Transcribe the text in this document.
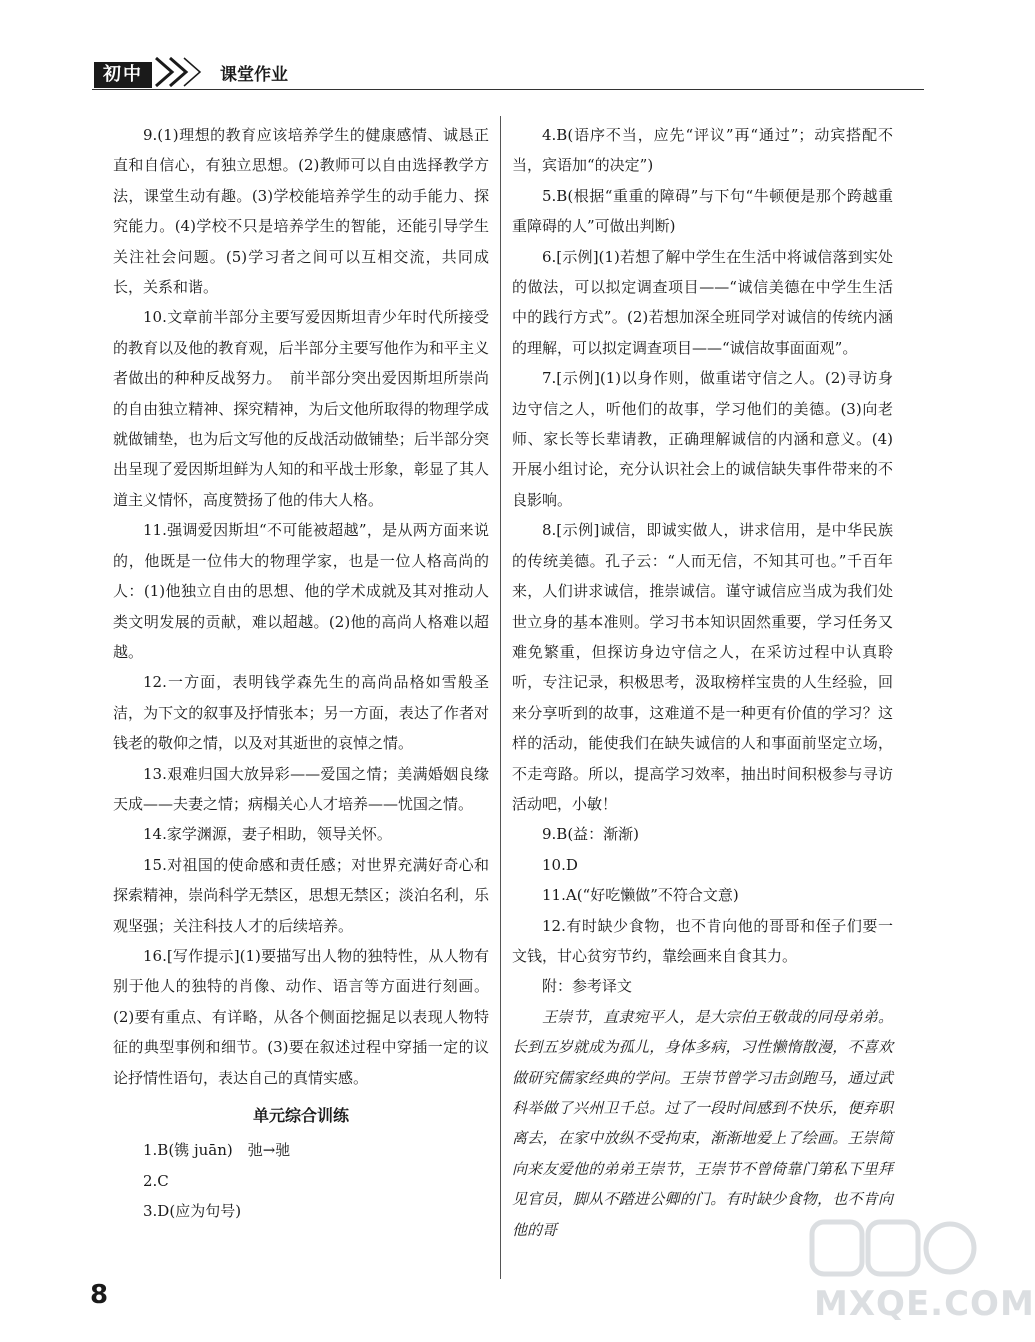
初中	课堂作业

9.(1)理想的教育应该培养学生的健康感情、诚恳正直和自信心，有独立思想。(2)教师可以自由选择教学方法，课堂生动有趣。(3)学校能培养学生的动手能力、探究能力。(4)学校不只是培养学生的智能，还能引导学生关注社会问题。(5)学习者之间可以互相交流，共同成长，关系和谐。

10.文章前半部分主要写爱因斯坦青少年时代所接受的教育以及他的教育观，后半部分主要写他作为和平主义者做出的种种反战努力。　前半部分突出爱因斯坦所崇尚的自由独立精神、探究精神，为后文他所取得的物理学成就做铺垫，也为后文写他的反战活动做铺垫；后半部分突出呈现了爱因斯坦鲜为人知的和平战士形象，彰显了其人道主义情怀，高度赞扬了他的伟大人格。

11.强调爱因斯坦“不可能被超越”，是从两方面来说的，他既是一位伟大的物理学家，也是一位人格高尚的人：(1)他独立自由的思想、他的学术成就及其对推动人类文明发展的贡献，难以超越。(2)他的高尚人格难以超越。

12.一方面，表明钱学森先生的高尚品格如雪般圣洁，为下文的叙事及抒情张本；另一方面，表达了作者对钱老的敬仰之情，以及对其逝世的哀悼之情。

13.艰难归国大放异彩——爱国之情；美满婚姻良缘天成——夫妻之情；病榻关心人才培养——忧国之情。

14.家学渊源，妻子相助，领导关怀。

15.对祖国的使命感和责任感；对世界充满好奇心和探索精神，崇尚科学无禁区，思想无禁区；淡泊名利，乐观坚强；关注科技人才的后续培养。

16.[写作提示](1)要描写出人物的独特性，从人物有别于他人的独特的肖像、动作、语言等方面进行刻画。(2)要有重点、有详略，从各个侧面挖掘足以表现人物特征的典型事例和细节。(3)要在叙述过程中穿插一定的议论抒情性语句，表达自己的真情实感。

单元综合训练

1.B(镌 juān)　弛→驰

2.C

3.D(应为句号)

4.B(语序不当，应先“评议”再“通过”；动宾搭配不当，宾语加“的决定”)

5.B(根据“重重的障碍”与下句“牛顿便是那个跨越重重障碍的人”可做出判断)

6.[示例](1)若想了解中学生在生活中将诚信落到实处的做法，可以拟定调查项目——“诚信美德在中学生生活中的践行方式”。(2)若想加深全班同学对诚信的传统内涵的理解，可以拟定调查项目——“诚信故事面面观”。

7.[示例](1)以身作则，做重诺守信之人。(2)寻访身边守信之人，听他们的故事，学习他们的美德。(3)向老师、家长等长辈请教，正确理解诚信的内涵和意义。(4)开展小组讨论，充分认识社会上的诚信缺失事件带来的不良影响。

8.[示例]诚信，即诚实做人，讲求信用，是中华民族的传统美德。孔子云：“人而无信，不知其可也。”千百年来，人们讲求诚信，推崇诚信。谨守诚信应当成为我们处世立身的基本准则。学习书本知识固然重要，学习任务又难免繁重，但探访身边守信之人，在采访过程中认真聆听，专注记录，积极思考，汲取榜样宝贵的人生经验，回来分享听到的故事，这难道不是一种更有价值的学习？这样的活动，能使我们在缺失诚信的人和事面前坚定立场，不走弯路。所以，提高学习效率，抽出时间积极参与寻访活动吧，小敏！

9.B(益：渐渐)

10.D

11.A(“好吃懒做”不符合文意)

12.有时缺少食物，也不肯向他的哥哥和侄子们要一文钱，甘心贫穷节约，靠绘画来自食其力。

附：参考译文

王崇节，直隶宛平人，是大宗伯王敬哉的同母弟弟。长到五岁就成为孤儿，身体多病，习性懒惰散漫，不喜欢做研究儒家经典的学问。王崇节曾学习击剑跑马，通过武科举做了兴州卫千总。过了一段时间感到不快乐，便弃职离去，在家中放纵不受拘束，渐渐地爱上了绘画。王崇简向来友爱他的弟弟王崇节，王崇节不曾倚靠门第私下里拜见官员，脚从不踏进公卿的门。有时缺少食物，也不肯向他的哥

8	MXQE.COM
